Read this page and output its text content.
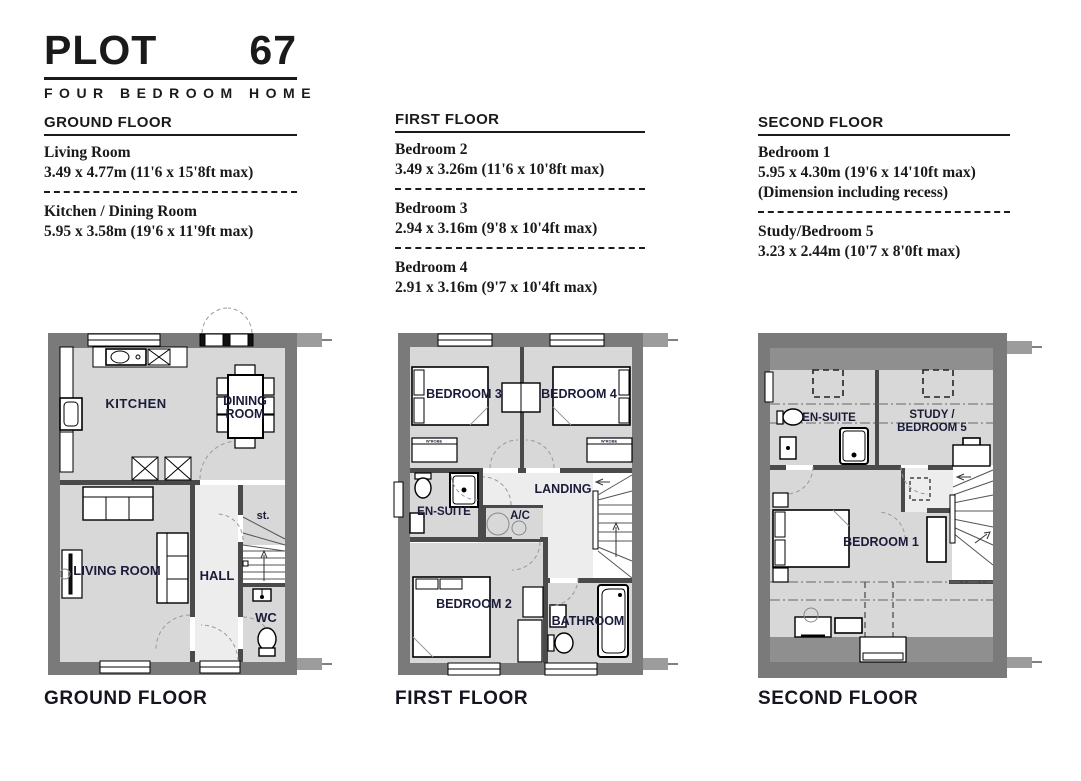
PLOT 67
FOUR BEDROOM HOME
GROUND FLOOR
Living Room
3.49 x 4.77m (11'6 x 15'8ft max)
Kitchen / Dining Room
5.95 x 3.58m (19'6 x 11'9ft max)
FIRST FLOOR
Bedroom 2
3.49 x 3.26m (11'6 x 10'8ft max)
Bedroom 3
2.94 x 3.16m (9'8 x 10'4ft max)
Bedroom 4
2.91 x 3.16m (9'7 x 10'4ft max)
SECOND FLOOR
Bedroom 1
5.95 x 4.30m (19'6 x 14'10ft max)
(Dimension including recess)
Study/Bedroom 5
3.23 x 2.44m (10'7 x 8'0ft max)
KITCHEN	DINING
ROOM
LIVING ROOM	HALL
st.
WC
W'ROBE	W'ROBE
BEDROOM 3	BEDROOM 4
EN-SUITE	A/C
LANDING
BEDROOM 2
BATHROOM
EN-SUITE	STUDY /
BEDROOM 5
BEDROOM 1
GROUND FLOOR	FIRST FLOOR	SECOND FLOOR
